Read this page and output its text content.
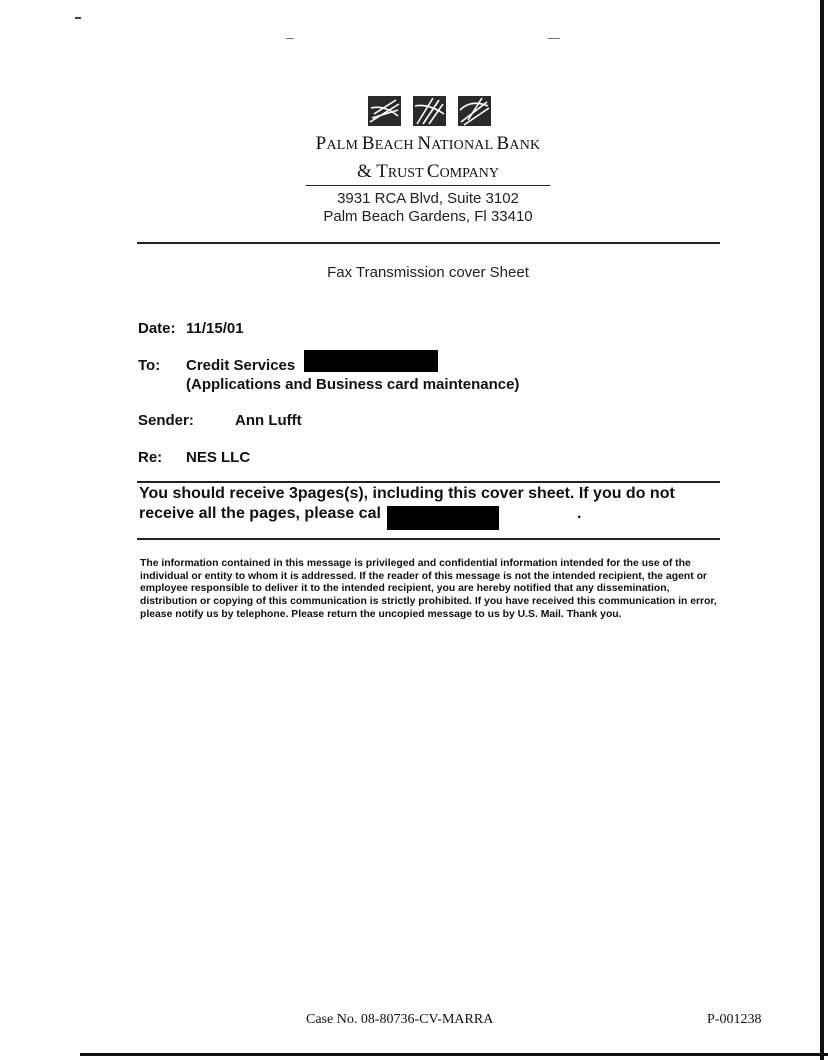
PALM BEACH NATIONAL BANK
& TRUST COMPANY
3931 RCA Blvd, Suite 3102
Palm Beach Gardens, Fl 33410
Fax Transmission cover Sheet
Date: 11/15/01
To: Credit Services
(Applications and Business card maintenance)
Sender:	Ann Lufft
Re: NES LLC
You should receive 3pages(s), including this cover sheet. If you do not
receive all the pages, please cal	.
The information contained in this message is privileged and confidential information intended for the use of the individual or entity to whom it is addressed. If the reader of this message is not the intended recipient, the agent or employee responsible to deliver it to the intended recipient, you are hereby notified that any dissemination, distribution or copying of this communication is strictly prohibited. If you have received this communication in error, please notify us by telephone. Please return the uncopied message to us by U.S. Mail. Thank you.
Case No. 08-80736-CV-MARRA	P-001238
